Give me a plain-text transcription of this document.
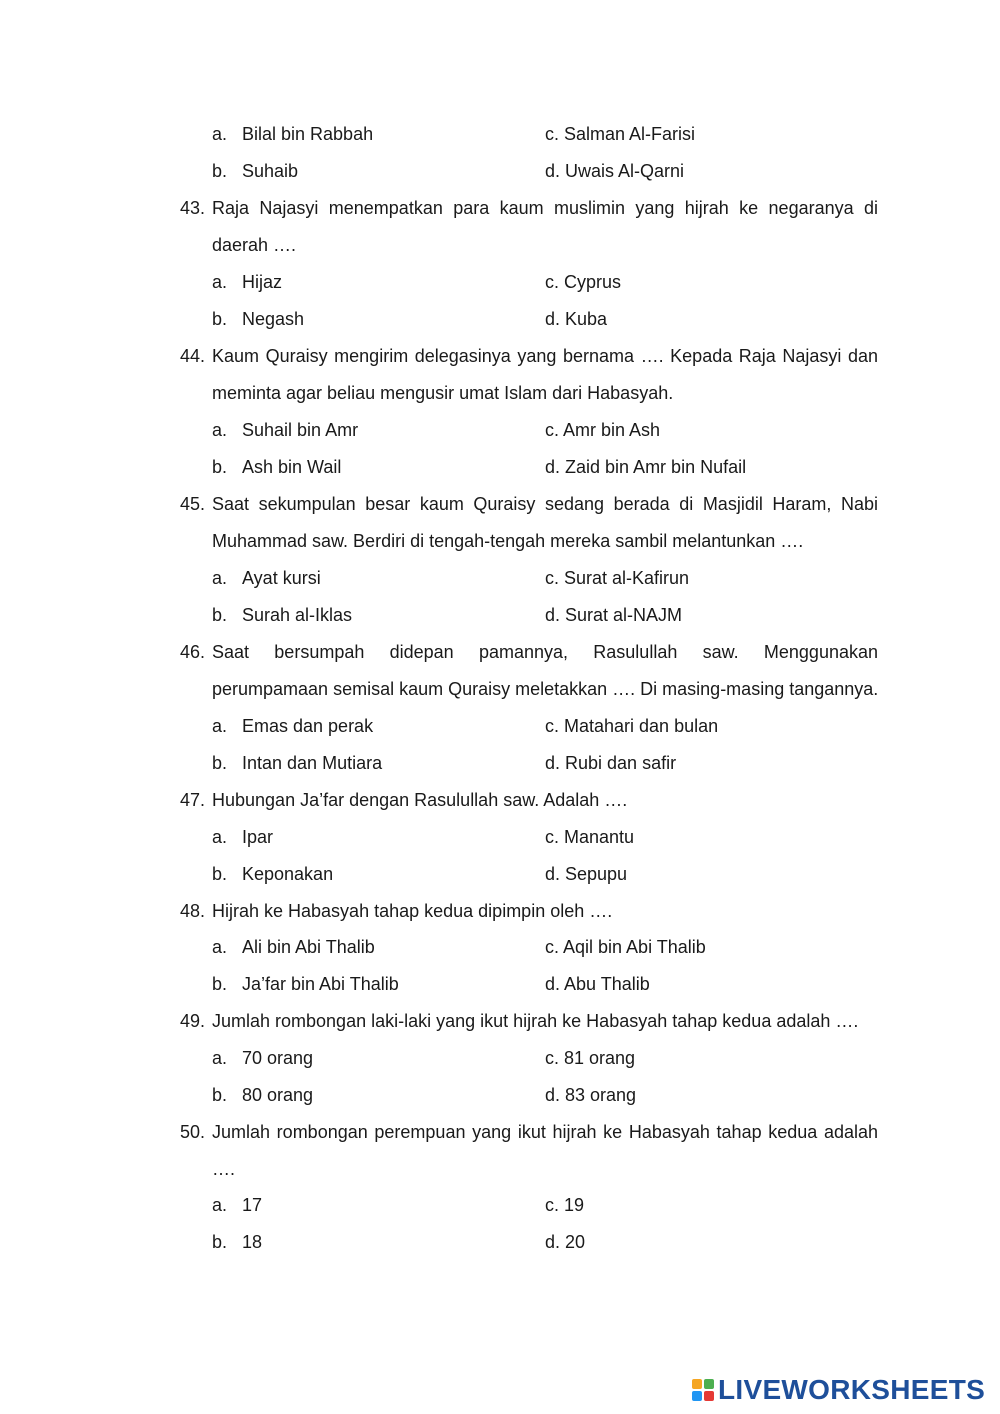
a. Bilal bin Rabbah	c. Salman Al-Farisi
b. Suhaib	d. Uwais Al-Qarni
43. Raja Najasyi menempatkan para kaum muslimin yang hijrah ke negaranya di
daerah ….
a. Hijaz	c. Cyprus
b. Negash	d. Kuba
44. Kaum Quraisy mengirim delegasinya yang bernama …. Kepada Raja Najasyi dan
meminta agar beliau mengusir umat Islam dari Habasyah.
a. Suhail bin Amr	c. Amr bin Ash
b. Ash bin Wail	d. Zaid bin Amr bin Nufail
45. Saat sekumpulan besar kaum Quraisy sedang berada di Masjidil Haram, Nabi
Muhammad saw. Berdiri di tengah-tengah mereka sambil melantunkan ….
a. Ayat kursi	c. Surat al-Kafirun
b. Surah al-Iklas	d. Surat al-NAJM
46. Saat bersumpah didepan pamannya, Rasulullah saw. Menggunakan
perumpamaan semisal kaum Quraisy meletakkan …. Di masing-masing tangannya.
a. Emas dan perak	c. Matahari dan bulan
b. Intan dan Mutiara	d. Rubi dan safir
47. Hubungan Ja’far dengan Rasulullah saw. Adalah ….
a. Ipar	c. Manantu
b. Keponakan	d. Sepupu
48. Hijrah ke Habasyah tahap kedua dipimpin oleh ….
a. Ali bin Abi Thalib	c. Aqil bin Abi Thalib
b. Ja’far bin Abi Thalib	d. Abu Thalib
49. Jumlah rombongan laki-laki yang ikut hijrah ke Habasyah tahap kedua adalah ….
a. 70 orang	c. 81 orang
b. 80 orang	d. 83 orang
50. Jumlah rombongan perempuan yang ikut hijrah ke Habasyah tahap kedua adalah
….
a. 17	c. 19
b. 18	d. 20
LIVEWORKSHEETS
